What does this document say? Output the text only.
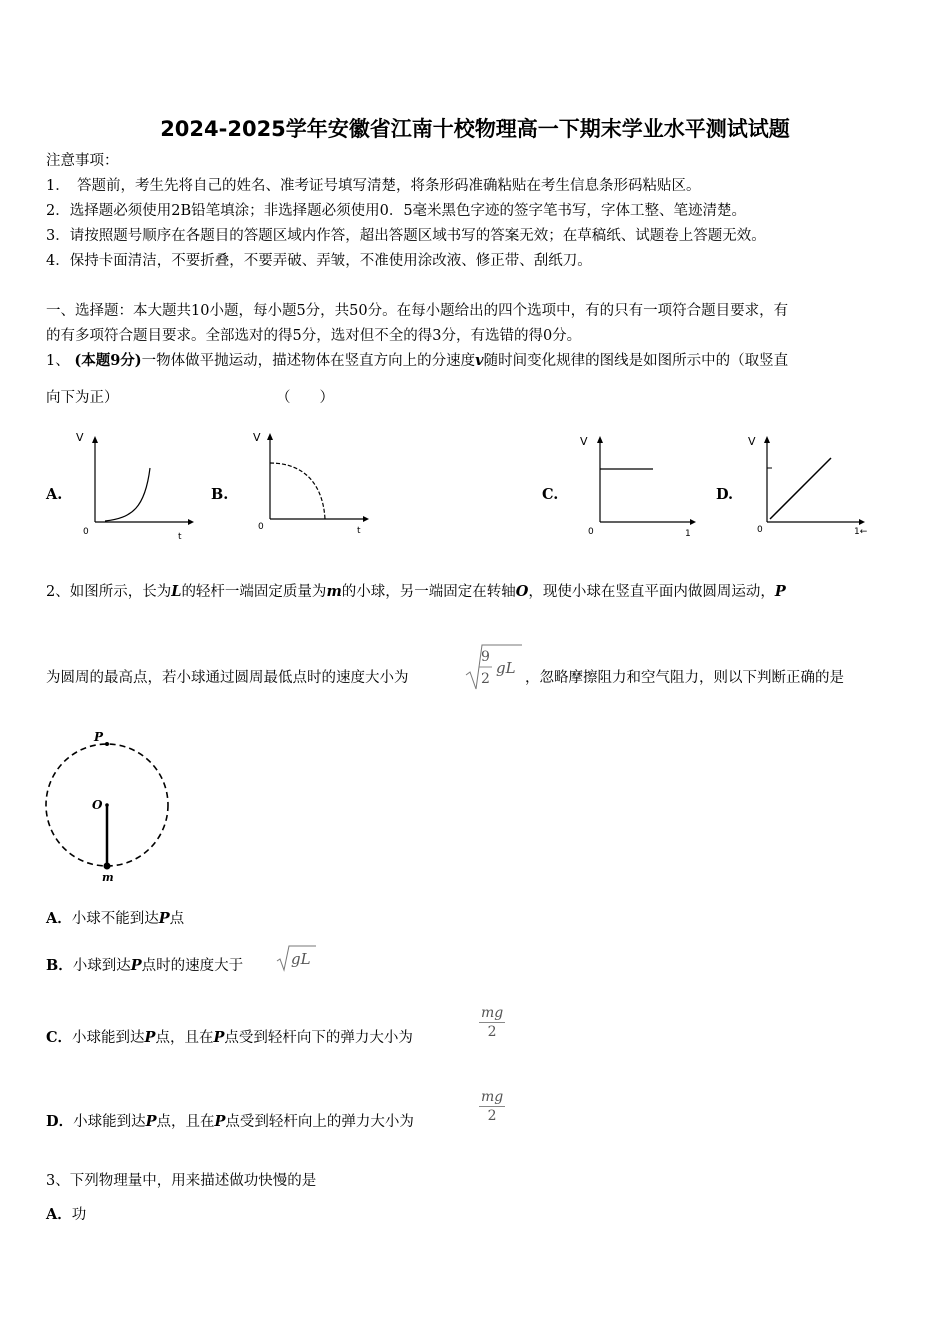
2024-2025学年安徽省江南十校物理高一下期末学业水平测试试题
注意事项：
1．　答题前，考生先将自己的姓名、准考证号填写清楚，将条形码准确粘贴在考生信息条形码粘贴区。
2．选择题必须使用2B铅笔填涂；非选择题必须使用0．5毫米黑色字迹的签字笔书写，字体工整、笔迹清楚。
3．请按照题号顺序在各题目的答题区域内作答，超出答题区域书写的答案无效；在草稿纸、试题卷上答题无效。
4．保持卡面清洁，不要折叠，不要弄破、弄皱，不准使用涂改液、修正带、刮纸刀。
一、选择题：本大题共10小题，每小题5分，共50分。在每小题给出的四个选项中，有的只有一项符合题目要求，有
的有多项符合题目要求。全部选对的得5分，选对但不全的得3分，有选错的得0分。
1、 (本题9分)一物体做平抛运动，描述物体在竖直方向上的分速度v随时间变化规律的图线是如图所示中的（取竖直
向下为正）	（　　）
A.	B.	C.	D.
V
0	t
V
0	t
V
0	1
V
0	1←
2、如图所示，长为L的轻杆一端固定质量为m的小球，另一端固定在转轴O，现使小球在竖直平面内做圆周运动，P
为圆周的最高点，若小球通过圆周最低点时的速度大小为
9
2
gL
，忽略摩擦阻力和空气阻力，则以下判断正确的是
P
O
m
A．小球不能到达P点
B．小球到达P点时的速度大于	gL
C．小球能到达P点，且在P点受到轻杆向下的弹力大小为	$\frac{mg}{2}$
D．小球能到达P点，且在P点受到轻杆向上的弹力大小为	$\frac{mg}{2}$
3、下列物理量中，用来描述做功快慢的是
A．功
